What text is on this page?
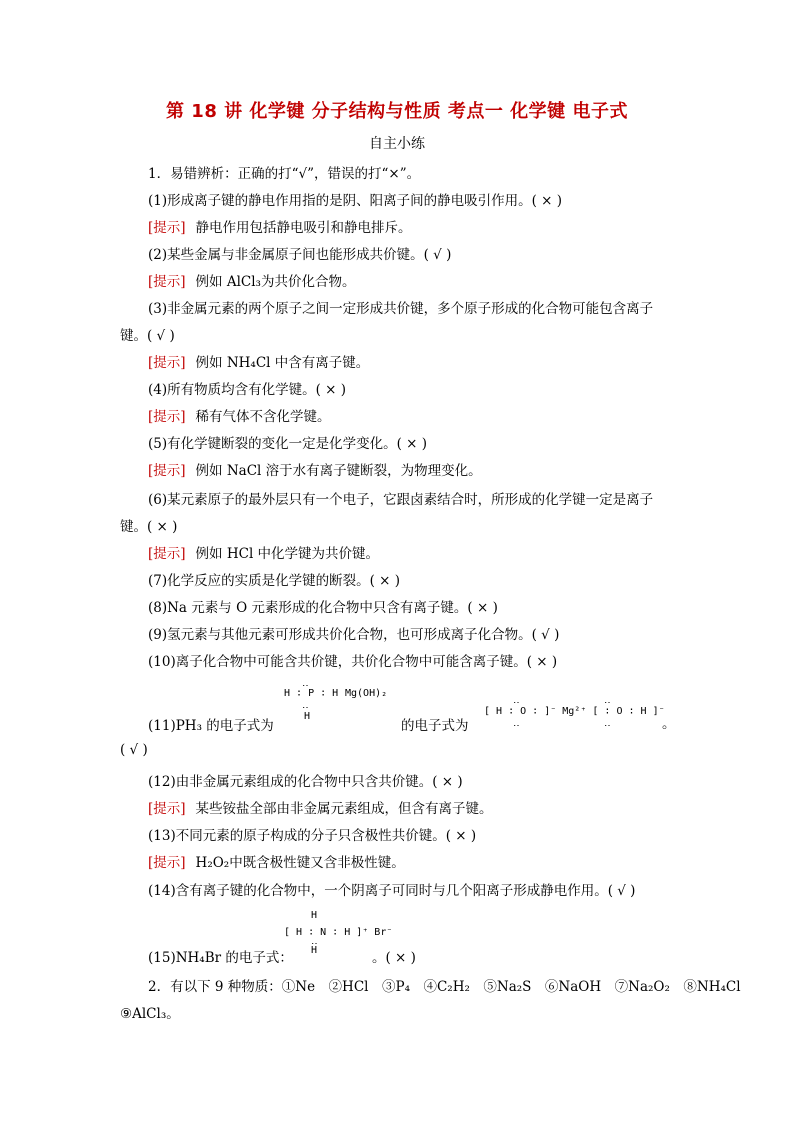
第 18 讲 化学键 分子结构与性质 考点一 化学键 电子式
自主小练
1．易错辨析：正确的打“√”，错误的打“×”。
(1)形成离子键的静电作用指的是阴、阳离子间的静电吸引作用。( × )
[提示] 静电作用包括静电吸引和静电排斥。
(2)某些金属与非金属原子间也能形成共价键。( √ )
[提示] 例如 AlCl₃为共价化合物。
(3)非金属元素的两个原子之间一定形成共价键，多个原子形成的化合物可能包含离子
键。( √ )
[提示] 例如 NH₄Cl 中含有离子键。
(4)所有物质均含有化学键。( × )
[提示] 稀有气体不含化学键。
(5)有化学键断裂的变化一定是化学变化。( × )
[提示] 例如 NaCl 溶于水有离子键断裂，为物理变化。
(6)某元素原子的最外层只有一个电子，它跟卤素结合时，所形成的化学键一定是离子
键。( × )
[提示] 例如 HCl 中化学键为共价键。
(7)化学反应的实质是化学键的断裂。( × )
(8)Na 元素与 O 元素形成的化合物中只含有离子键。( × )
(9)氢元素与其他元素可形成共价化合物，也可形成离子化合物。( √ )
(10)离子化合物中可能含共价键，共价化合物中可能含离子键。( × )
‥
H ∶ P ∶ H Mg(OH)₂
‥
H
(11)PH₃ 的电子式为	的电子式为
‥              ‥
[ H ∶ O ∶ ]⁻ Mg²⁺ [ ∶ O ∶ H ]⁻
‥              ‥	。
( √ )
(12)由非金属元素组成的化合物中只含共价键。( × )
[提示] 某些铵盐全部由非金属元素组成，但含有离子键。
(13)不同元素的原子构成的分子只含极性共价键。( × )
[提示] H₂O₂中既含极性键又含非极性键。
(14)含有离子键的化合物中，一个阴离子可同时与几个阳离子形成静电作用。( √ )
H
[ H ∶ N ∶ H ]⁺ Br⁻
‥
H
(15)NH₄Br 的电子式：	。( × )
2．有以下 9 种物质：①Ne　②HCl　③P₄　④C₂H₂　⑤Na₂S　⑥NaOH　⑦Na₂O₂　⑧NH₄Cl
⑨AlCl₃。
